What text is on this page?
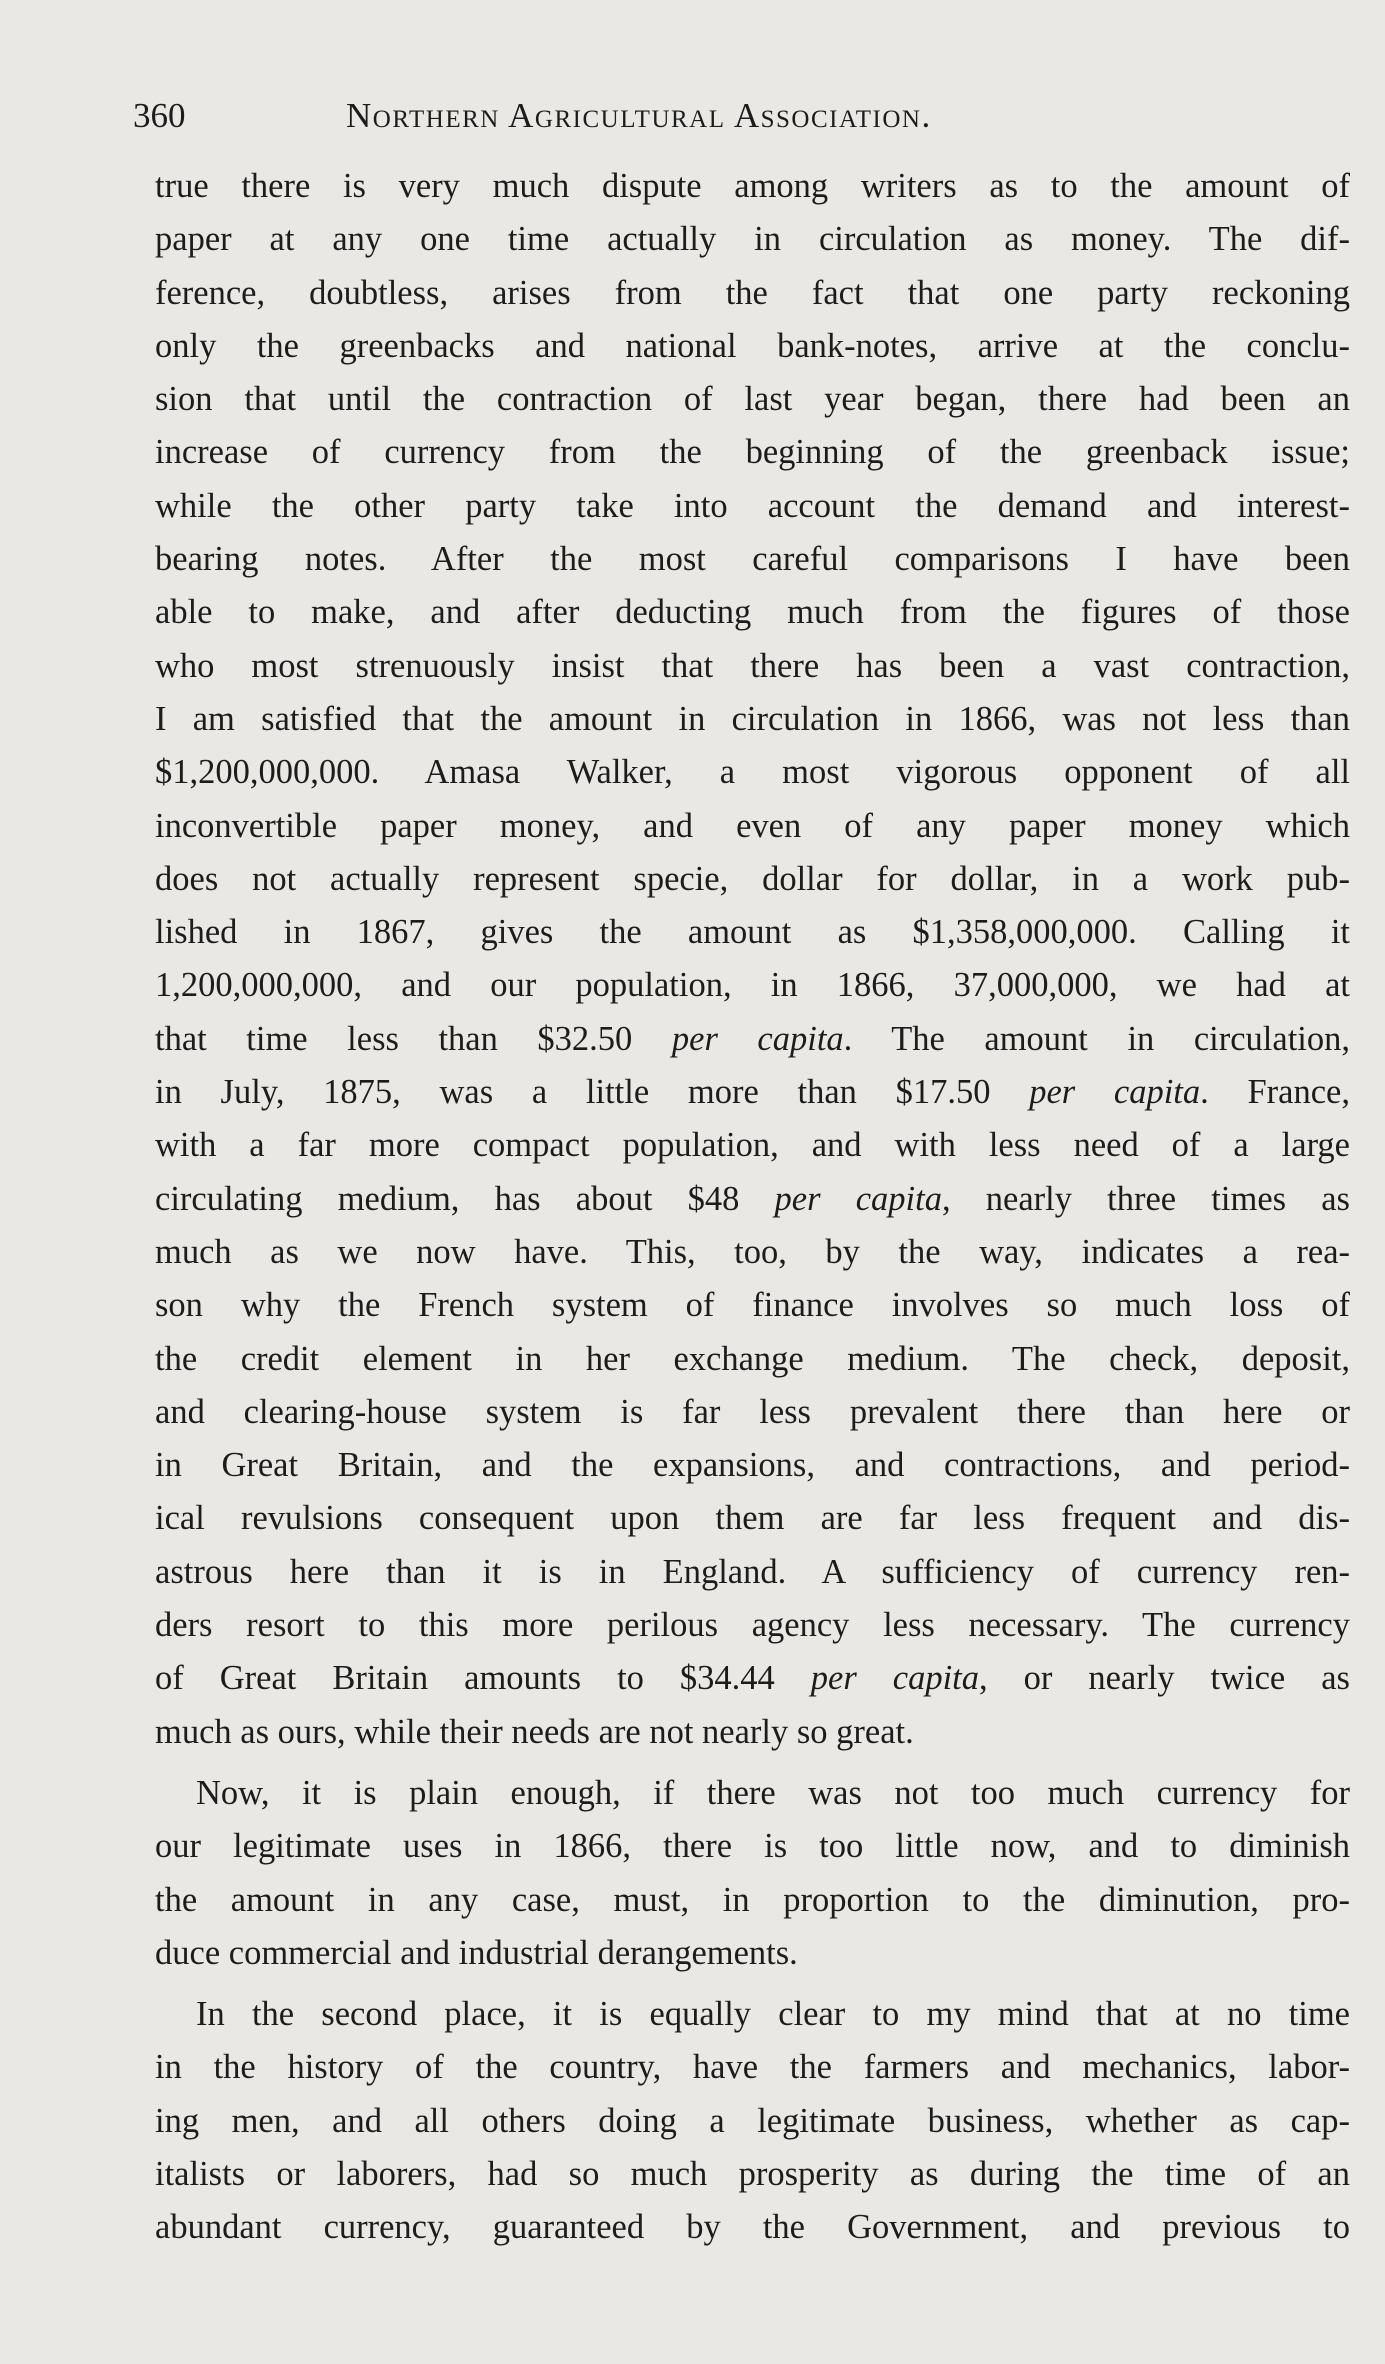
360	Northern Agricultural Association.
true there is very much dispute among writers as to the amount of
paper at any one time actually in circulation as money. The dif-
ference, doubtless, arises from the fact that one party reckoning
only the greenbacks and national bank-notes, arrive at the conclu-
sion that until the contraction of last year began, there had been an
increase of currency from the beginning of the greenback issue;
while the other party take into account the demand and interest-
bearing notes. After the most careful comparisons I have been
able to make, and after deducting much from the figures of those
who most strenuously insist that there has been a vast contraction,
I am satisfied that the amount in circulation in 1866, was not less than
$1,200,000,000. Amasa Walker, a most vigorous opponent of all
inconvertible paper money, and even of any paper money which
does not actually represent specie, dollar for dollar, in a work pub-
lished in 1867, gives the amount as $1,358,000,000. Calling it
1,200,000,000, and our population, in 1866, 37,000,000, we had at
that time less than $32.50 per capita. The amount in circulation,
in July, 1875, was a little more than $17.50 per capita. France,
with a far more compact population, and with less need of a large
circulating medium, has about $48 per capita, nearly three times as
much as we now have. This, too, by the way, indicates a rea-
son why the French system of finance involves so much loss of
the credit element in her exchange medium. The check, deposit,
and clearing-house system is far less prevalent there than here or
in Great Britain, and the expansions, and contractions, and period-
ical revulsions consequent upon them are far less frequent and dis-
astrous here than it is in England. A sufficiency of currency ren-
ders resort to this more perilous agency less necessary. The currency
of Great Britain amounts to $34.44 per capita, or nearly twice as
much as ours, while their needs are not nearly so great.
Now, it is plain enough, if there was not too much currency for
our legitimate uses in 1866, there is too little now, and to diminish
the amount in any case, must, in proportion to the diminution, pro-
duce commercial and industrial derangements.
In the second place, it is equally clear to my mind that at no time
in the history of the country, have the farmers and mechanics, labor-
ing men, and all others doing a legitimate business, whether as cap-
italists or laborers, had so much prosperity as during the time of an
abundant currency, guaranteed by the Government, and previous to
